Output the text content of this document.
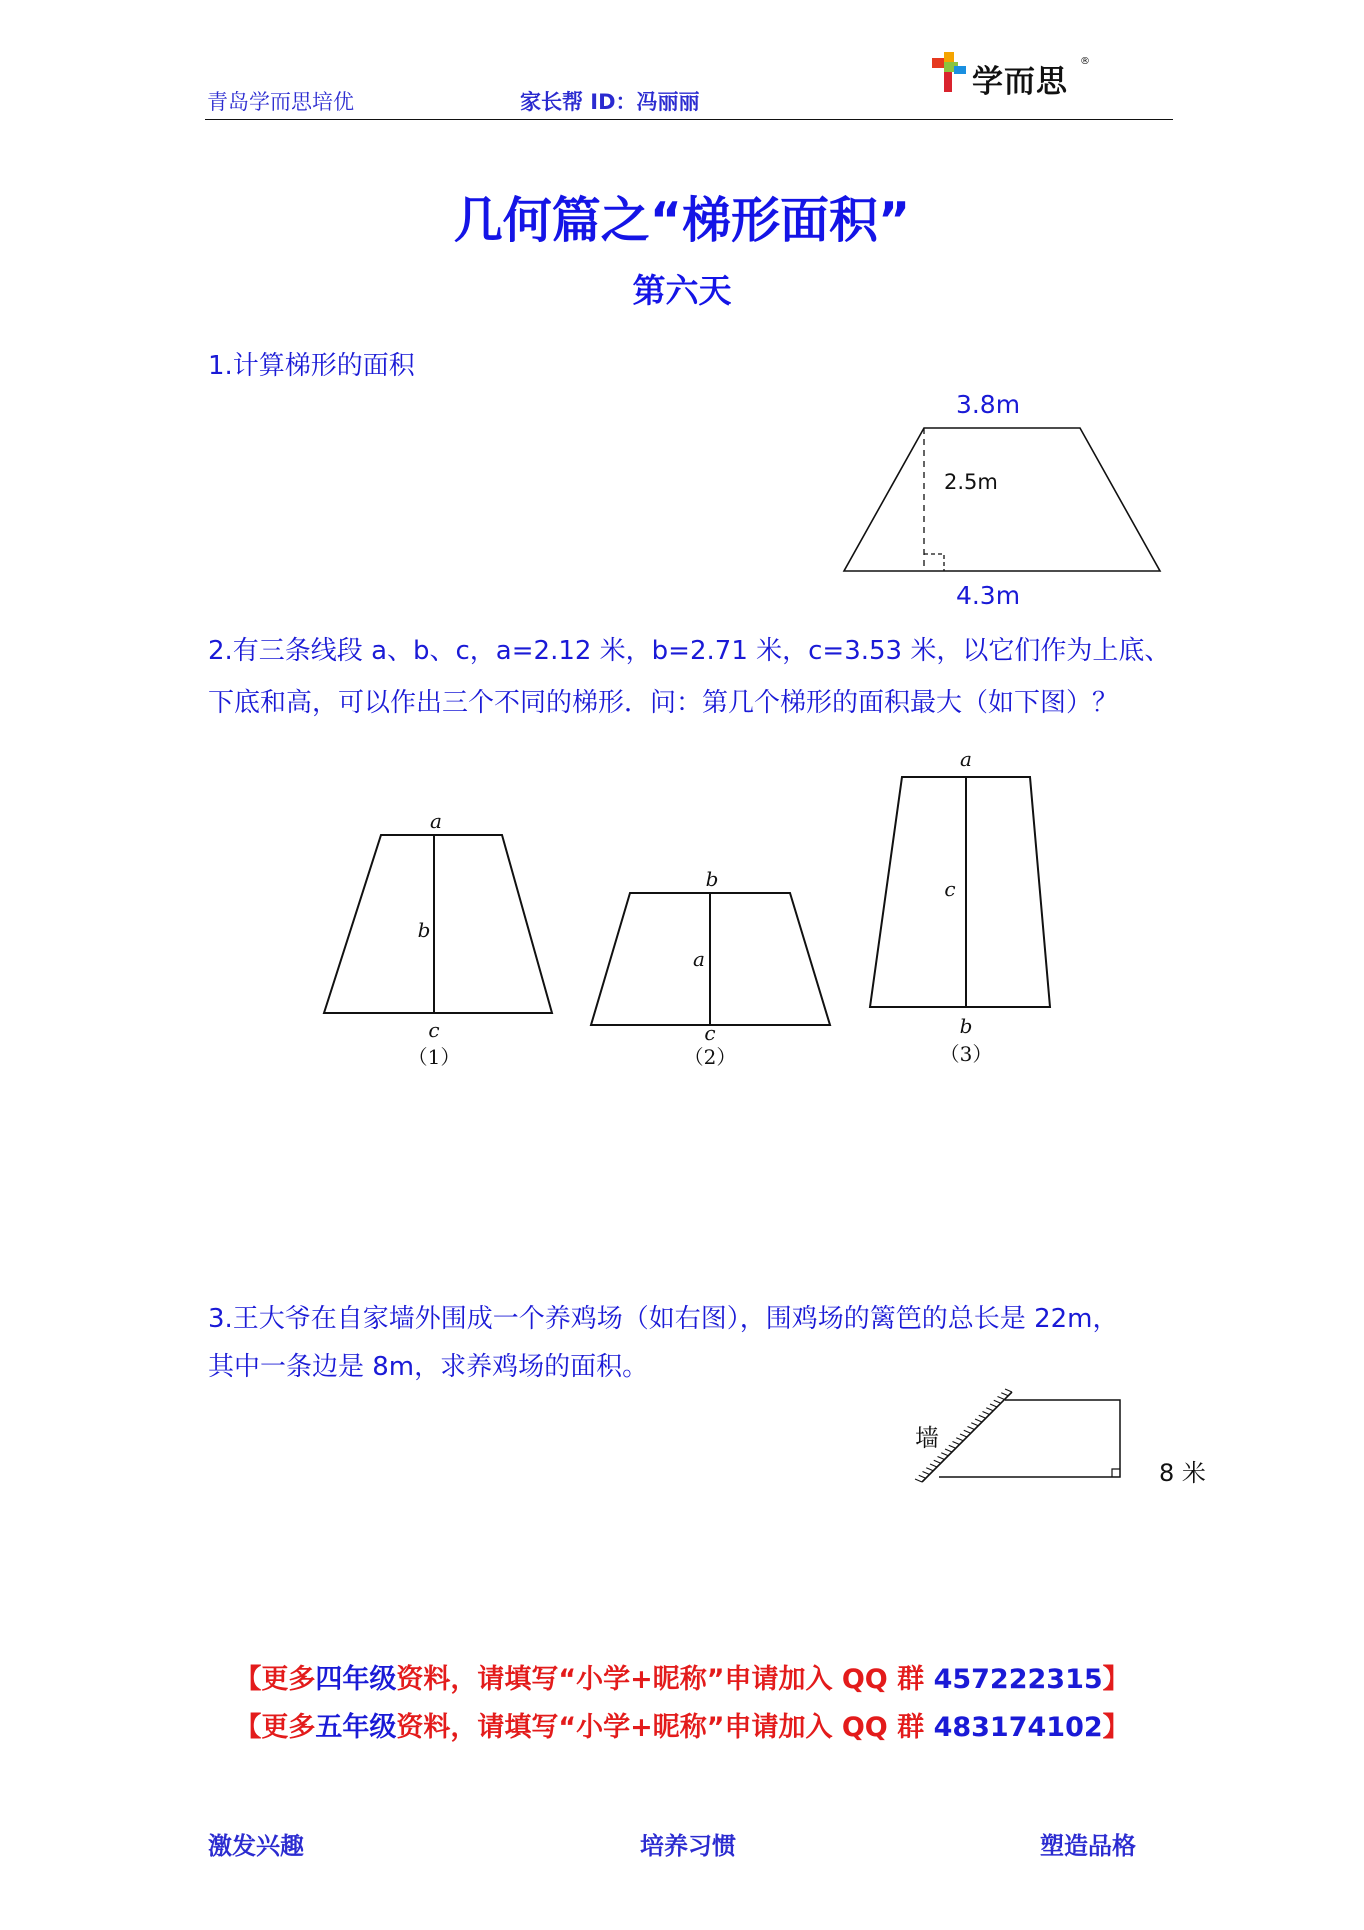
青岛学而思培优	家长帮 ID：冯丽丽
学而思
®
几何篇之“梯形面积”
第六天
1.计算梯形的面积
3.8m
2.5m
4.3m
2.有三条线段 a、b、c，a=2.12 米，b=2.71 米，c=3.53 米，以它们作为上底、
下底和高，可以作出三个不同的梯形．问：第几个梯形的面积最大（如下图）？
a
b
c
（1）
b
a
c
（2）
a
c
b
（3）
3.王大爷在自家墙外围成一个养鸡场（如右图），围鸡场的篱笆的总长是 22m，
其中一条边是 8m，求养鸡场的面积。
墙
8 米
【更多四年级资料，请填写“小学+昵称”申请加入 QQ 群 457222315】
【更多五年级资料，请填写“小学+昵称”申请加入 QQ 群 483174102】
激发兴趣	培养习惯	塑造品格
